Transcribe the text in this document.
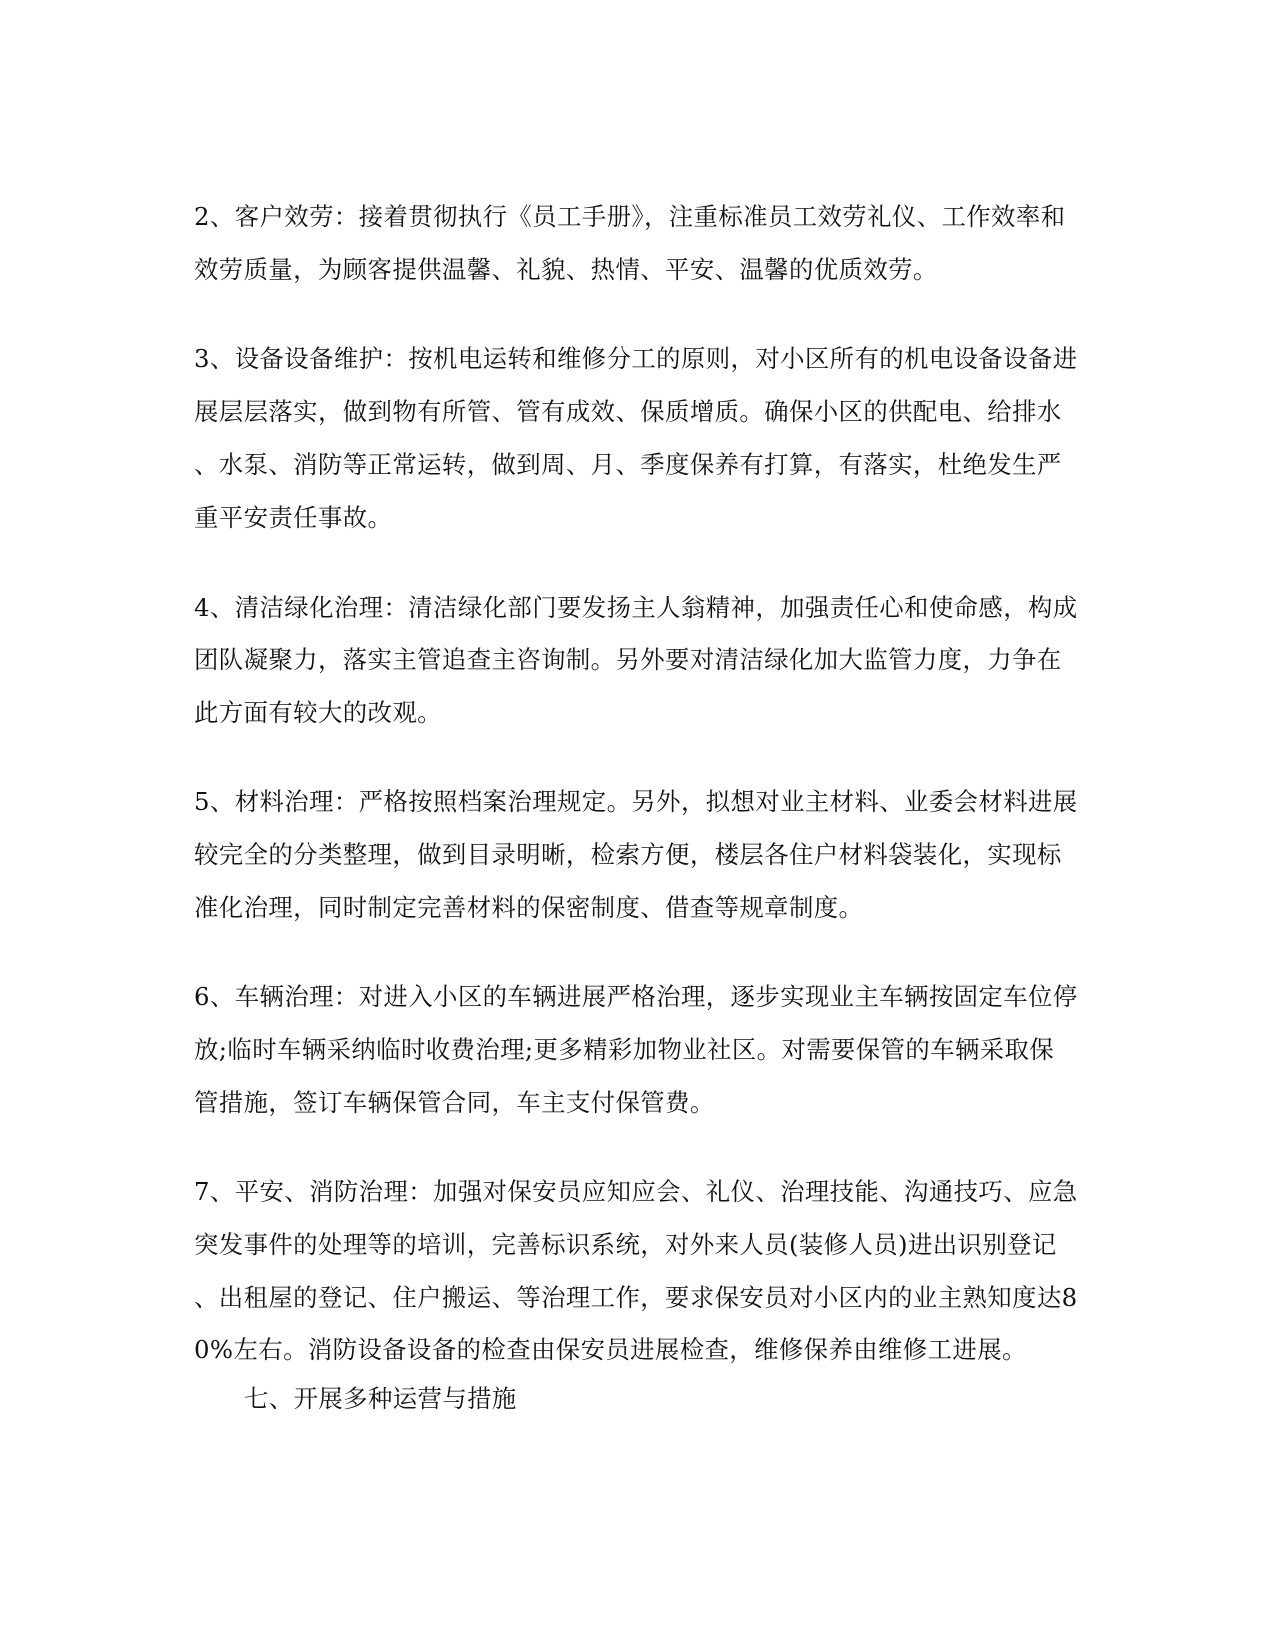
2、客户效劳：接着贯彻执行《员工手册》，注重标准员工效劳礼仪、工作效率和
效劳质量，为顾客提供温馨、礼貌、热情、平安、温馨的优质效劳。
3、设备设备维护：按机电运转和维修分工的原则，对小区所有的机电设备设备进
展层层落实，做到物有所管、管有成效、保质增质。确保小区的供配电、给排水
、水泵、消防等正常运转，做到周、月、季度保养有打算，有落实，杜绝发生严
重平安责任事故。
4、清洁绿化治理：清洁绿化部门要发扬主人翁精神，加强责任心和使命感，构成
团队凝聚力，落实主管追查主咨询制。另外要对清洁绿化加大监管力度，力争在
此方面有较大的改观。
5、材料治理：严格按照档案治理规定。另外，拟想对业主材料、业委会材料进展
较完全的分类整理，做到目录明晰，检索方便，楼层各住户材料袋装化，实现标
准化治理，同时制定完善材料的保密制度、借查等规章制度。
6、车辆治理：对进入小区的车辆进展严格治理，逐步实现业主车辆按固定车位停
放;临时车辆采纳临时收费治理;更多精彩加物业社区。对需要保管的车辆采取保
管措施，签订车辆保管合同，车主支付保管费。
7、平安、消防治理：加强对保安员应知应会、礼仪、治理技能、沟通技巧、应急
突发事件的处理等的培训，完善标识系统，对外来人员(装修人员)进出识别登记
、出租屋的登记、住户搬运、等治理工作，要求保安员对小区内的业主熟知度达8
0%左右。消防设备设备的检查由保安员进展检查，维修保养由维修工进展。
七、开展多种运营与措施
